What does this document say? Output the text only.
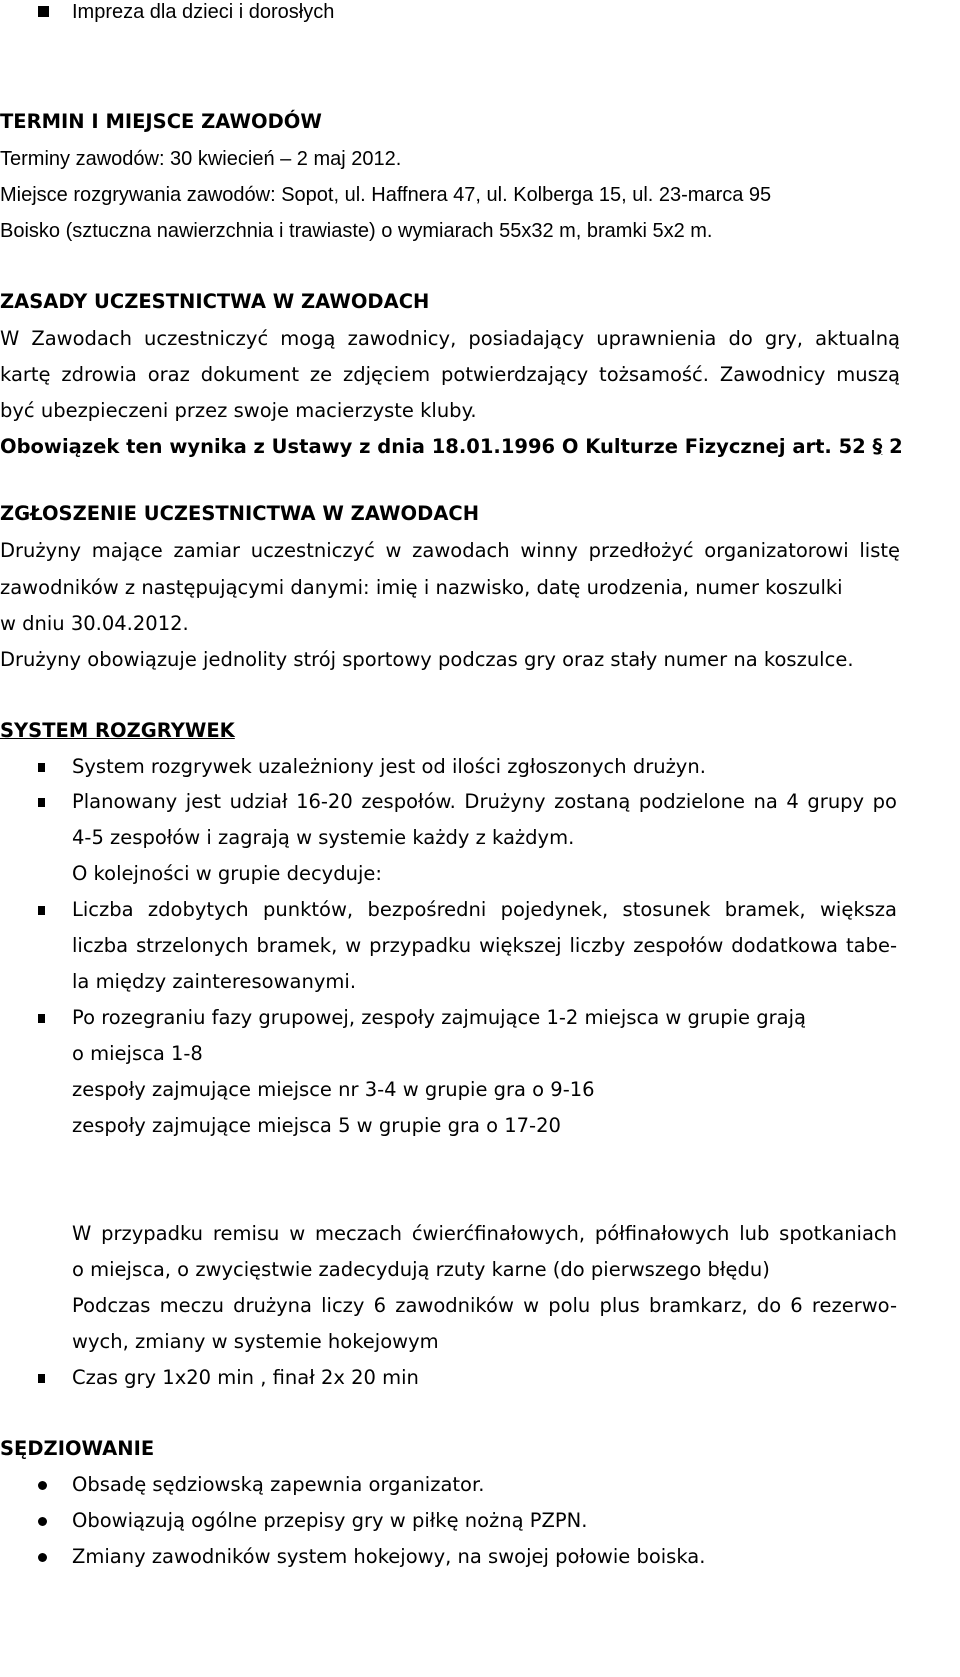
Impreza dla dzieci i dorosłych
TERMIN I MIEJSCE ZAWODÓW
Terminy zawodów: 30 kwiecień – 2 maj 2012.
Miejsce rozgrywania zawodów: Sopot, ul. Haffnera 47, ul. Kolberga 15, ul. 23-marca 95
Boisko (sztuczna nawierzchnia i trawiaste) o wymiarach 55x32 m, bramki 5x2 m.
ZASADY UCZESTNICTWA W ZAWODACH
W Zawodach uczestniczyć mogą zawodnicy, posiadający uprawnienia do gry, aktualną
kartę zdrowia oraz dokument ze zdjęciem potwierdzający tożsamość. Zawodnicy muszą
być ubezpieczeni przez swoje macierzyste kluby.
Obowiązek ten wynika z Ustawy z dnia 18.01.1996 O Kulturze Fizycznej art. 52 § 2
ZGŁOSZENIE UCZESTNICTWA W ZAWODACH
Drużyny mające zamiar uczestniczyć w zawodach winny przedłożyć organizatorowi listę
zawodników z następującymi danymi: imię i nazwisko, datę urodzenia, numer koszulki
w dniu 30.04.2012.
Drużyny obowiązuje jednolity strój sportowy podczas gry oraz stały numer na koszulce.
SYSTEM ROZGRYWEK
System rozgrywek uzależniony jest od ilości zgłoszonych drużyn.
Planowany jest udział 16-20 zespołów. Drużyny zostaną podzielone na 4 grupy po
4-5 zespołów i zagrają w systemie każdy z każdym.
O kolejności w grupie decyduje:
Liczba zdobytych punktów, bezpośredni pojedynek, stosunek bramek, większa
liczba strzelonych bramek, w przypadku większej liczby zespołów dodatkowa tabe-
la między zainteresowanymi.
Po rozegraniu fazy grupowej, zespoły zajmujące 1-2 miejsca w grupie grają
o miejsca 1-8
zespoły zajmujące miejsce nr 3-4 w grupie gra o 9-16
zespoły zajmujące miejsca 5 w grupie gra o 17-20
W przypadku remisu w meczach ćwierćfinałowych, półfinałowych lub spotkaniach
o miejsca, o zwycięstwie zadecydują rzuty karne (do pierwszego błędu)
Podczas meczu drużyna liczy 6 zawodników w polu plus bramkarz, do 6 rezerwo-
wych, zmiany w systemie hokejowym
Czas gry 1x20 min , finał 2x 20 min
SĘDZIOWANIE
Obsadę sędziowską zapewnia organizator.
Obowiązują ogólne przepisy gry w piłkę nożną PZPN.
Zmiany zawodników system hokejowy, na swojej połowie boiska.
